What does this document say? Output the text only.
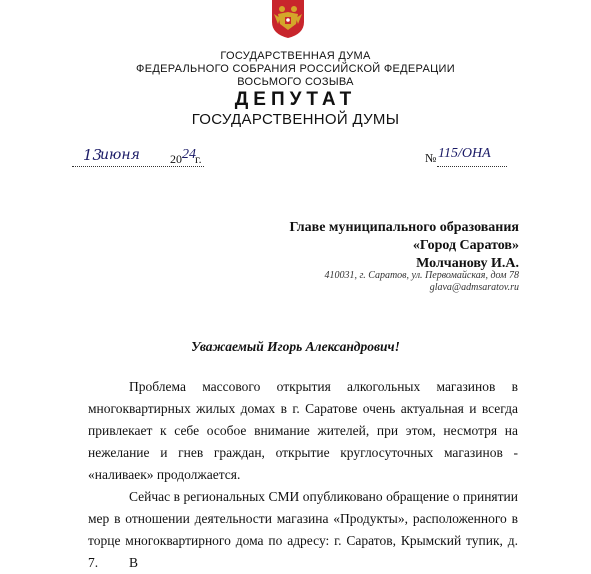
ГОСУДАРСТВЕННАЯ ДУМА
ФЕДЕРАЛЬНОГО СОБРАНИЯ РОССИЙСКОЙ ФЕДЕРАЦИИ
ВОСЬМОГО СОЗЫВА
ДЕПУТАТ
ГОСУДАРСТВЕННОЙ ДУМЫ
13
июня	20 24 г.	№ 115/ОНА
Главе муниципального образования
«Город Саратов»
Молчанову И.А.
410031, г. Саратов, ул. Первомайская, дом 78
glava@admsaratov.ru
Уважаемый Игорь Александрович!
Проблема массового открытия алкогольных магазинов в многоквартирных жилых домах в г. Саратове очень актуальная и всегда привлекает к себе особое внимание жителей, при этом, несмотря на нежелание и гнев граждан, открытие круглосуточных магазинов - «наливаек» продолжается.
Сейчас в региональных СМИ опубликовано обращение о принятии мер в отношении деятельности магазина «Продукты», расположенного в торце многоквартирного дома по адресу: г. Саратов, Крымский тупик, д. 7.	В
